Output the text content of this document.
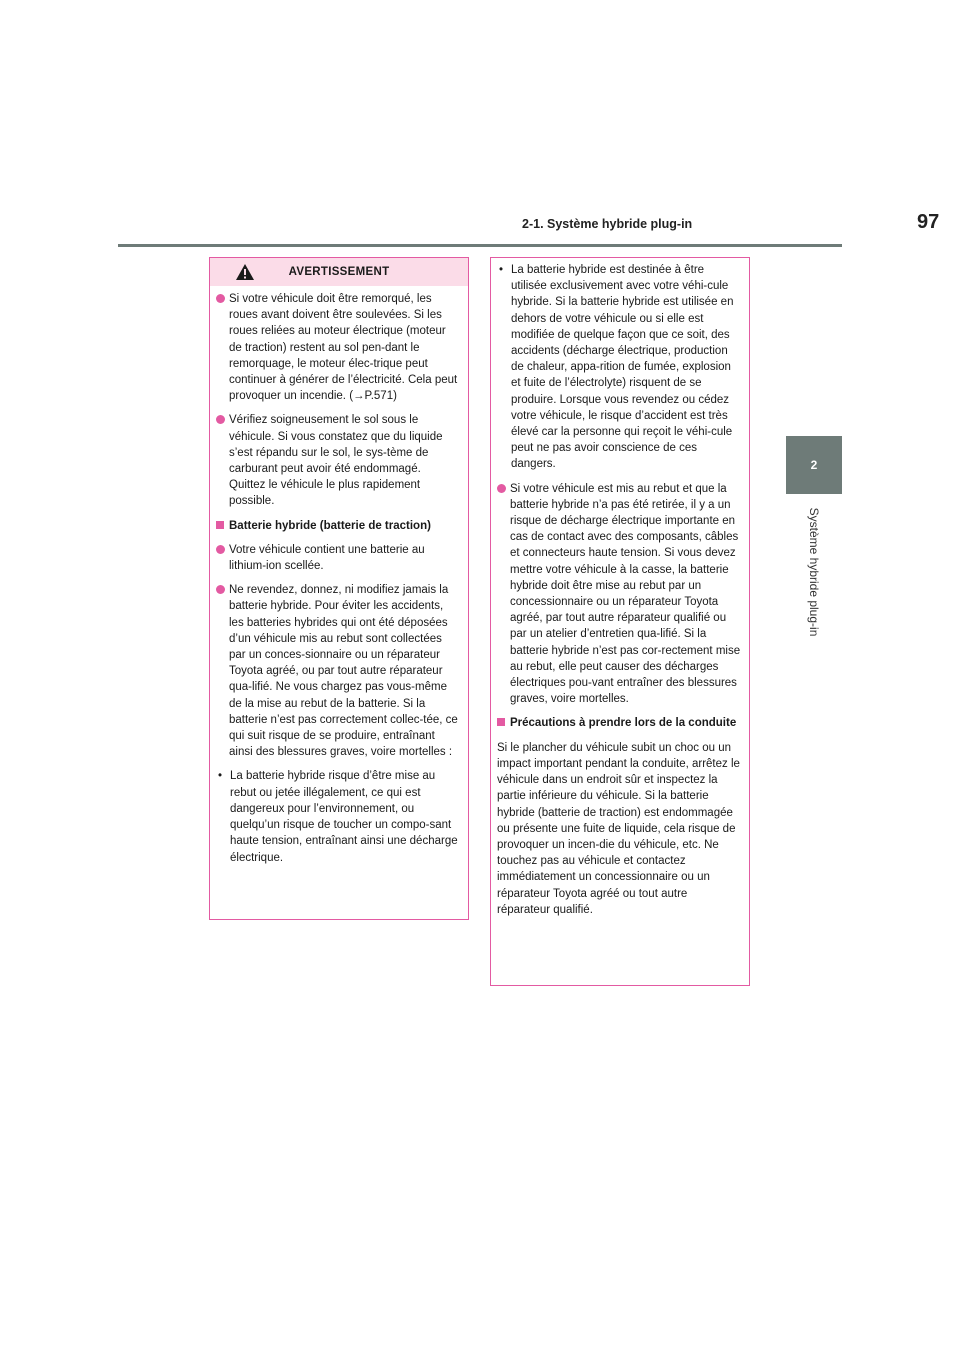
2-1. Système hybride plug-in	97
2
Système hybride plug-in
AVERTISSEMENT
Si votre véhicule doit être remorqué, les roues avant doivent être soulevées. Si les roues reliées au moteur électrique (moteur de traction) restent au sol pen-dant le remorquage, le moteur élec-trique peut continuer à générer de l’électricité. Cela peut provoquer un incendie. (→P.571)
Vérifiez soigneusement le sol sous le véhicule. Si vous constatez que du liquide s’est répandu sur le sol, le sys-tème de carburant peut avoir été endommagé. Quittez le véhicule le plus rapidement possible.
Batterie hybride (batterie de traction)
Votre véhicule contient une batterie au lithium-ion scellée.
Ne revendez, donnez, ni modifiez jamais la batterie hybride. Pour éviter les accidents, les batteries hybrides qui ont été déposées d’un véhicule mis au rebut sont collectées par un conces-sionnaire ou un réparateur Toyota agréé, ou par tout autre réparateur qua-lifié. Ne vous chargez pas vous-même de la mise au rebut de la batterie. Si la batterie n’est pas correctement collec-tée, ce qui suit risque de se produire, entraînant ainsi des blessures graves, voire mortelles :
• La batterie hybride risque d’être mise au rebut ou jetée illégalement, ce qui est dangereux pour l’environnement, ou quelqu’un risque de toucher un compo-sant haute tension, entraînant ainsi une décharge électrique.
• La batterie hybride est destinée à être utilisée exclusivement avec votre véhi-cule hybride. Si la batterie hybride est utilisée en dehors de votre véhicule ou si elle est modifiée de quelque façon que ce soit, des accidents (décharge électrique, production de chaleur, appa-rition de fumée, explosion et fuite de l’électrolyte) risquent de se produire. Lorsque vous revendez ou cédez votre véhicule, le risque d’accident est très élevé car la personne qui reçoit le véhi-cule peut ne pas avoir conscience de ces dangers.
Si votre véhicule est mis au rebut et que la batterie hybride n’a pas été retirée, il y a un risque de décharge électrique importante en cas de contact avec des composants, câbles et connecteurs haute tension. Si vous devez mettre votre véhicule à la casse, la batterie hybride doit être mise au rebut par un concessionnaire ou un réparateur Toyota agréé, par tout autre réparateur qualifié ou par un atelier d’entretien qua-lifié. Si la batterie hybride n’est pas cor-rectement mise au rebut, elle peut causer des décharges électriques pou-vant entraîner des blessures graves, voire mortelles.
Précautions à prendre lors de la conduite
Si le plancher du véhicule subit un choc ou un impact important pendant la conduite, arrêtez le véhicule dans un endroit sûr et inspectez la partie inférieure du véhicule. Si la batterie hybride (batterie de traction) est endommagée ou présente une fuite de liquide, cela risque de provoquer un incen-die du véhicule, etc. Ne touchez pas au véhicule et contactez immédiatement un concessionnaire ou un réparateur Toyota agréé ou tout autre réparateur qualifié.
